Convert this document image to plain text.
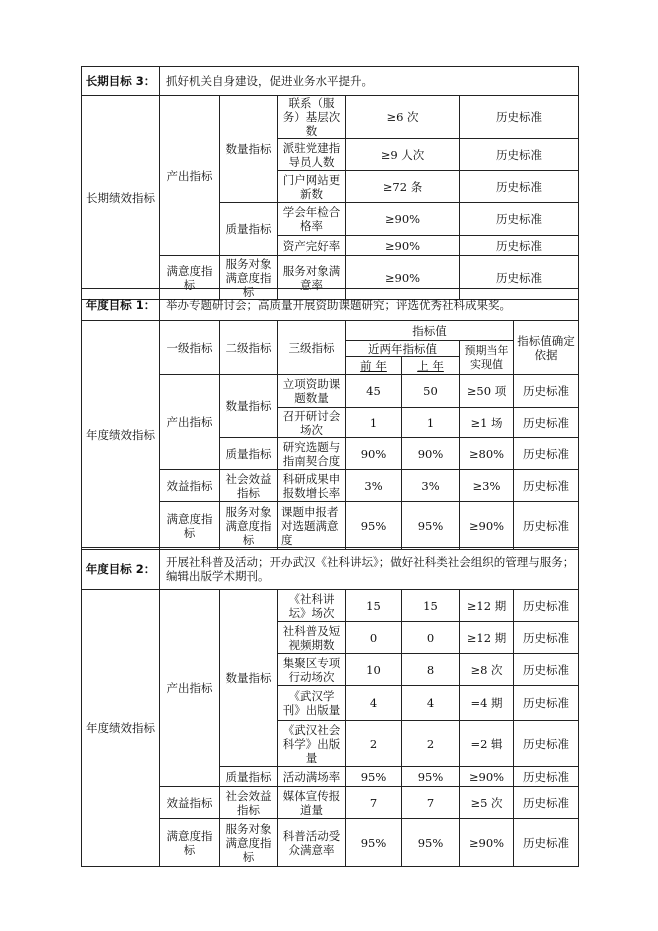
长期目标 3：	抓好机关自身建设，促进业务水平提升。				
长期绩效指标	产出指标	数量指标	联系（服务）基层次数	≥6 次	历史标准
			派驻党建指导员人数	≥9 人次	历史标准
			门户网站更新数	≥72 条	历史标准
		质量指标	学会年检合格率	≥90%	历史标准
			资产完好率	≥90%	历史标准
	满意度指标	服务对象满意度指标	服务对象满意率	≥90%	历史标准
年度目标 1：	举办专题研讨会；高质量开展资助课题研究；评选优秀社科成果奖。						
年度绩效指标	一级指标	二级指标	三级指标	指标值			指标值确定依据
				近两年指标值		预期当年实现值	
				前 年	上 年		
	产出指标	数量指标	立项资助课题数量	45	50	≥50 项	历史标准
			召开研讨会场次	1	1	≥1 场	历史标准
		质量指标	研究选题与指南契合度	90%	90%	≥80%	历史标准
	效益指标	社会效益指标	科研成果申报数增长率	3%	3%	≥3%	历史标准
	满意度指标	服务对象满意度指标	课题申报者对选题满意度	95%	95%	≥90%	历史标准
年度目标 2：	开展社科普及活动；开办武汉《社科讲坛》；做好社科类社会组织的管理与服务；编辑出版学术期刊。						
年度绩效指标	产出指标	数量指标	《社科讲坛》场次	15	15	≥12 期	历史标准
			社科普及短视频期数	0	0	≥12 期	历史标准
			集聚区专项行动场次	10	8	≥8 次	历史标准
			《武汉学刊》出版量	4	4	=4 期	历史标准
			《武汉社会科学》出版量	2	2	=2 辑	历史标准
		质量指标	活动满场率	95%	95%	≥90%	历史标准
	效益指标	社会效益指标	媒体宣传报道量	7	7	≥5 次	历史标准
	满意度指标	服务对象满意度指标	科普活动受众满意率	95%	95%	≥90%	历史标准
